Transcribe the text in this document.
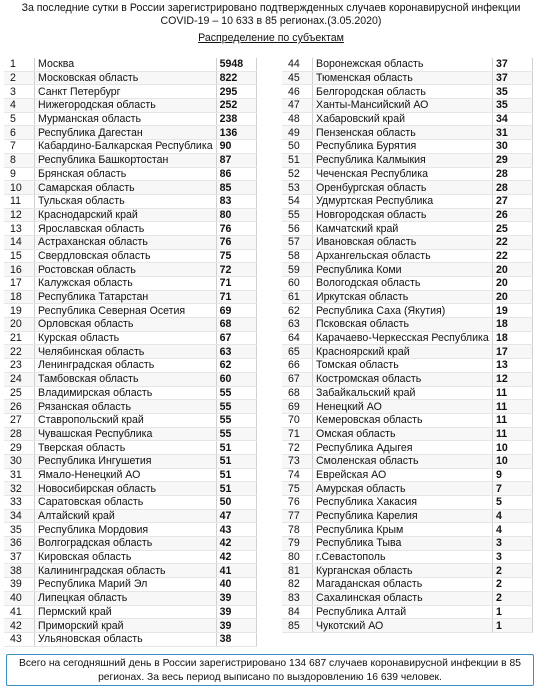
За последние сутки в России зарегистрировано подтвержденных случаев коронавирусной инфекции
COVID-19 – 10 633 в 85 регионах.(3.05.2020)
Распределение по субъектам
1	Москва	5948
2	Московская область	822
3	Санкт Петербург	295
4	Нижегородская область	252
5	Мурманская область	238
6	Республика Дагестан	136
7	Кабардино-Балкарская Республика	90
8	Республика Башкортостан	87
9	Брянская область	86
10	Самарская область	85
11	Тульская область	83
12	Краснодарский край	80
13	Ярославская область	76
14	Астраханская область	76
15	Свердловская область	75
16	Ростовская область	72
17	Калужская область	71
18	Республика Татарстан	71
19	Республика Северная Осетия	69
20	Орловская область	68
21	Курская область	67
22	Челябинская область	63
23	Ленинградская область	62
24	Тамбовская область	60
25	Владимирская область	55
26	Рязанская область	55
27	Ставропольский край	55
28	Чувашская Республика	55
29	Тверская область	51
30	Республика Ингушетия	51
31	Ямало-Ненецкий АО	51
32	Новосибирская область	51
33	Саратовская область	50
34	Алтайский край	47
35	Республика Мордовия	43
36	Волгоградская область	42
37	Кировская область	42
38	Калининградская область	41
39	Республика Марий Эл	40
40	Липецкая область	39
41	Пермский край	39
42	Приморский край	39
43	Ульяновская область	38
44	Воронежская область	37
45	Тюменская область	37
46	Белгородская область	35
47	Ханты-Мансийский АО	35
48	Хабаровский край	34
49	Пензенская область	31
50	Республика Бурятия	30
51	Республика Калмыкия	29
52	Чеченская Республика	28
53	Оренбургская область	28
54	Удмуртская Республика	27
55	Новгородская область	26
56	Камчатский край	25
57	Ивановская область	22
58	Архангельская область	22
59	Республика Коми	20
60	Вологодская область	20
61	Иркутская область	20
62	Республика Саха (Якутия)	19
63	Псковская область	18
64	Карачаево-Черкесская Республика	18
65	Красноярский край	17
66	Томская область	13
67	Костромская область	12
68	Забайкальский край	11
69	Ненецкий АО	11
70	Кемеровская область	11
71	Омская область	11
72	Республика Адыгея	10
73	Смоленская область	10
74	Еврейская АО	9
75	Амурская область	7
76	Республика Хакасия	5
77	Республика Карелия	4
78	Республика Крым	4
79	Республика Тыва	3
80	г.Севастополь	3
81	Курганская область	2
82	Магаданская область	2
83	Сахалинская область	2
84	Республика Алтай	1
85	Чукотский АО	1
Всего на сегодняшний день в России зарегистрировано 134 687 случаев коронавирусной инфекции в 85
регионах. За весь период выписано по выздоровлению 16 639 человек.
